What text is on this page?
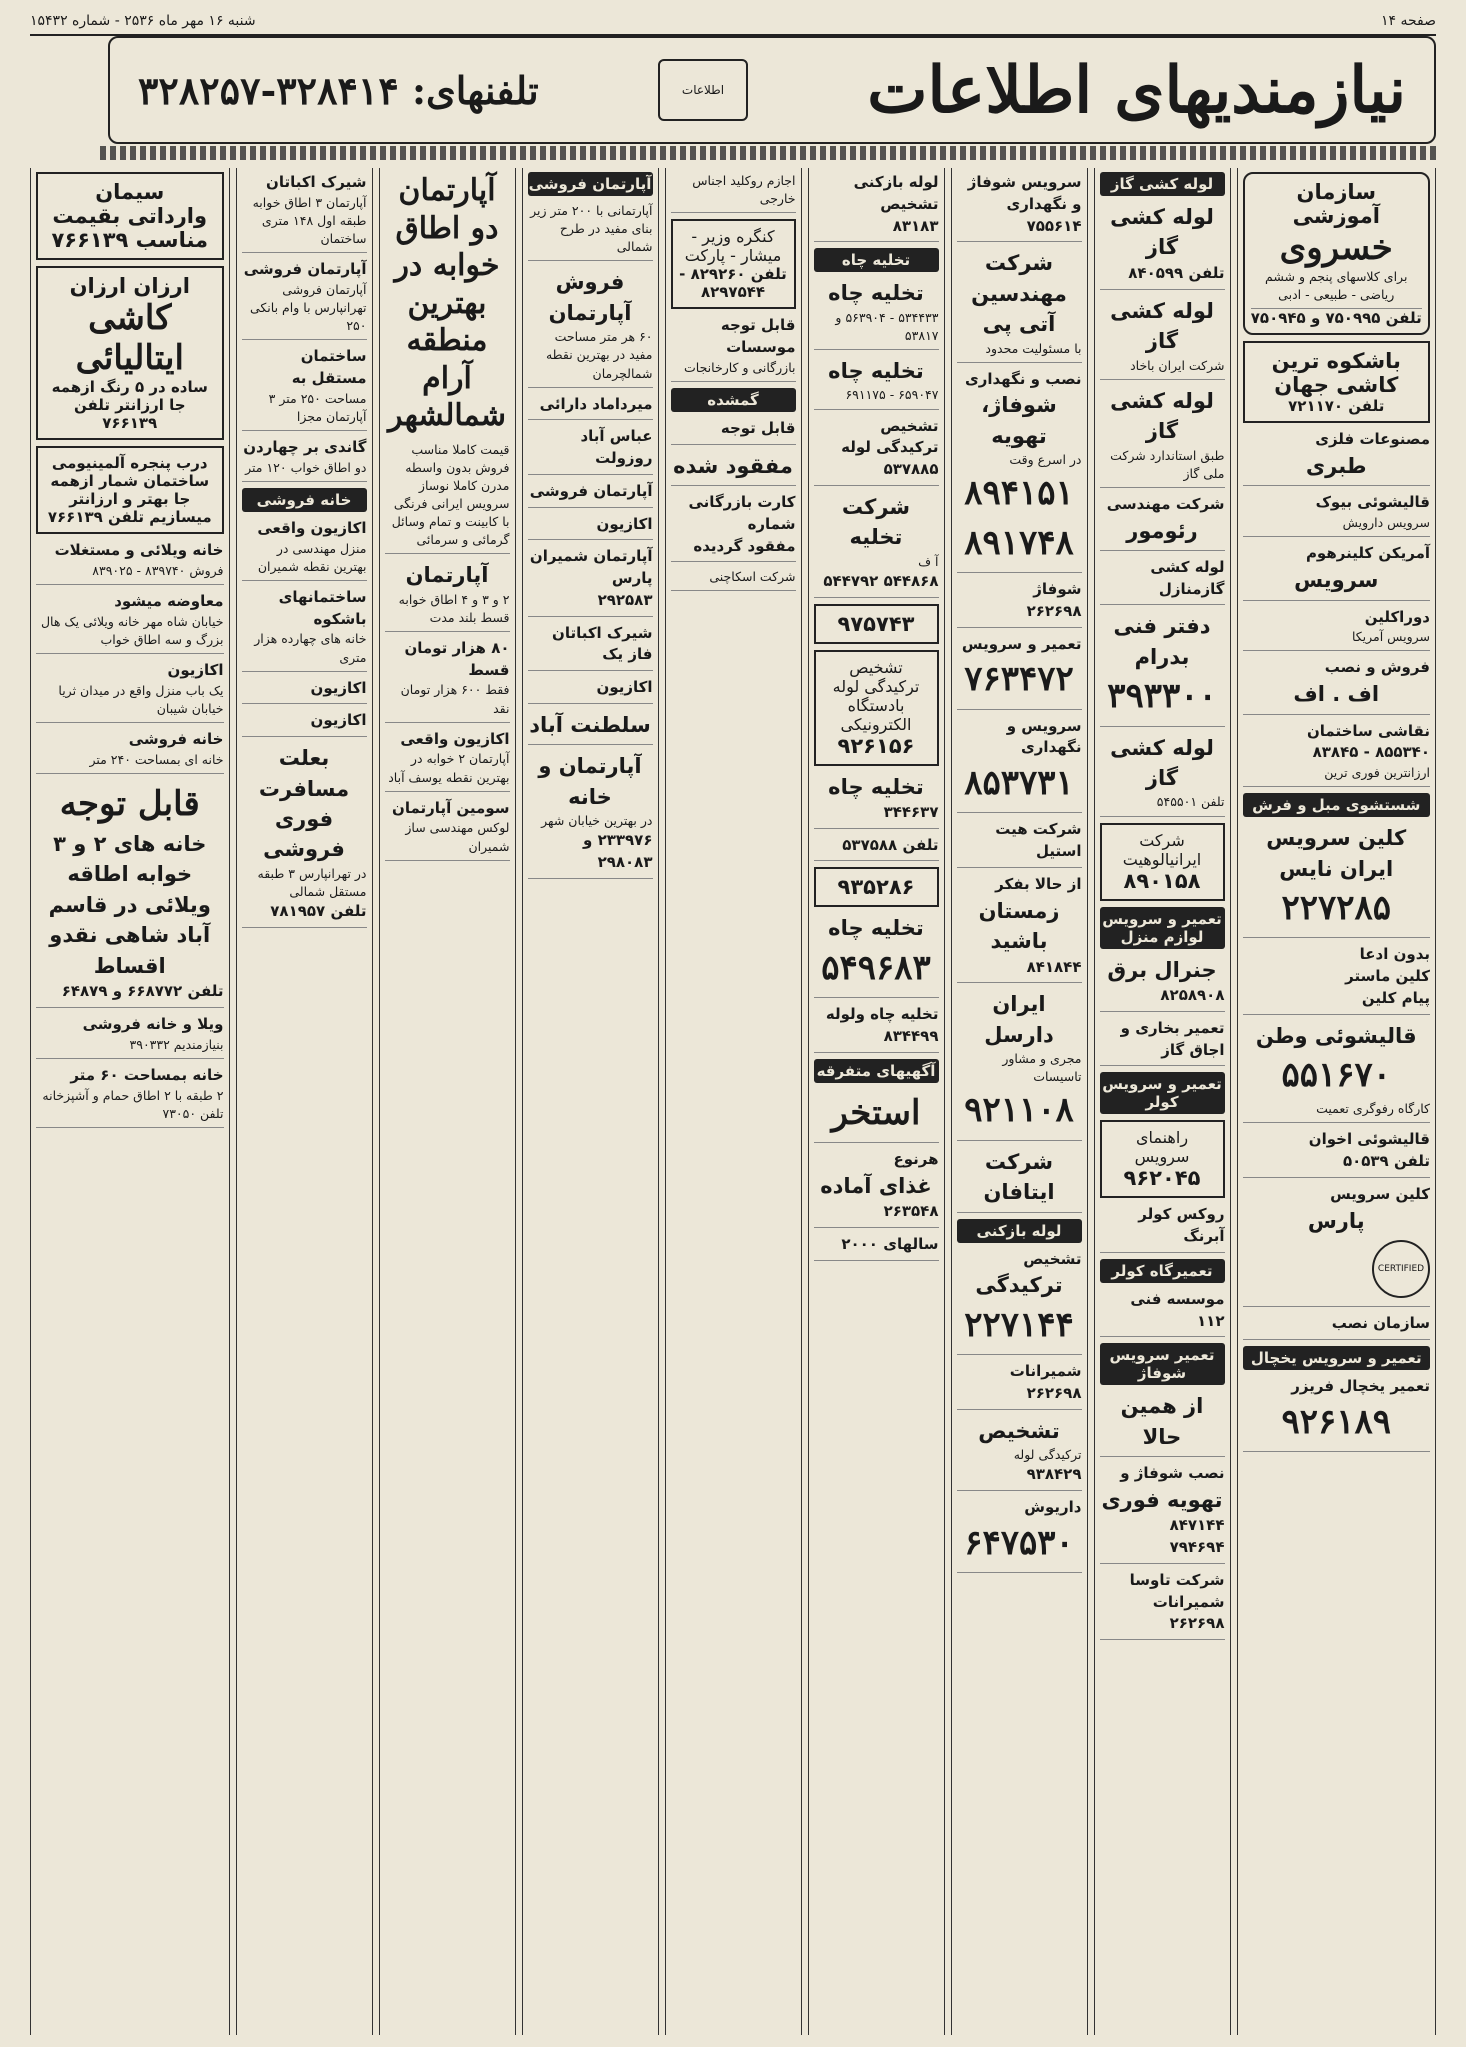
صفحه ۱۴
شنبه ۱۶ مهر ماه ۲۵۳۶ - شماره ۱۵۴۳۲
نیازمندیهای اطلاعات
اطلاعات
تلفنهای: ۳۲۸۴۱۴-۳۲۸۲۵۷
سازمان آموزشی
خسروی
برای کلاسهای پنجم و ششم ریاضی - طبیعی - ادبی
تلفن ۷۵۰۹۹۵ و ۷۵۰۹۴۵
باشکوه ترین کاشی جهان
تلفن ۷۲۱۱۷۰
مصنوعات فلزی
طبری
قالیشوئی بیوک
سرویس دارویش
آمریکن کلینرهوم
سرویس
دوراکلین
سرویس آمریکا
فروش و نصب
اف . اف
نقاشی ساختمان
۸۵۵۳۴۰ - ۸۳۸۴۵
ارزانترین فوری ترین
شستشوی مبل و فرش
کلین سرویس
ایران نایس
۲۲۷۲۸۵
بدون ادعا
کلین ماستر
پیام کلین
قالیشوئی وطن
۵۵۱۶۷۰
کارگاه رفوگری تعمیت
قالیشوئی اخوان
تلفن ۵۰۵۳۹
کلین سرویس
پارس
CERTIFIED
سازمان نصب
تعمیر و سرویس یخچال
تعمیر یخچال فریزر
۹۲۶۱۸۹
لوله کشی گاز
لوله کشی گاز
تلفن ۸۴۰۵۹۹
لوله کشی گاز
شرکت ایران باخاد
لوله کشی گاز
طبق استاندارد شرکت ملی گاز
شرکت مهندسی
رئومور
لوله کشی گازمنازل
دفتر فنی بدرام
۳۹۳۳۰۰
لوله کشی گاز
تلفن ۵۴۵۵۰۱
شرکت ایرانیالوهیت
۸۹۰۱۵۸
تعمیر و سرویس لوازم منزل
جنرال برق
۸۲۵۸۹۰۸
تعمیر بخاری و اجاق گاز
تعمیر و سرویس کولر
راهنمای سرویس
۹۶۲۰۴۵
روکس کولر آبرنگ
تعمیرگاه کولر
موسسه فنی ۱۱۲
تعمیر سرویس شوفاژ
از همین حالا
نصب شوفاژ و
تهویه فوری
۸۴۷۱۴۴
۷۹۴۶۹۴
شرکت تاوسا
شمیرانات
۲۶۲۶۹۸
سرویس شوفاژ و نگهداری
۷۵۵۶۱۴
شرکت مهندسین آتی پی
با مسئولیت محدود
نصب و نگهداری
شوفاژ، تهویه
در اسرع وقت
۸۹۴۱۵۱
۸۹۱۷۴۸
شوفاژ
۲۶۲۶۹۸
تعمیر و سرویس
۷۶۳۴۷۲
سرویس و نگهداری
۸۵۳۷۳۱
شرکت هیت استیل
از حالا بفکر
زمستان باشید
۸۴۱۸۴۴
ایران دارسل
مجری و مشاور تاسیسات
۹۲۱۱۰۸
شرکت ایتافان
لوله بازکنی
تشخیص
ترکیدگی
۲۲۷۱۴۴
شمیرانات
۲۶۲۶۹۸
تشخیص
ترکیدگی لوله
۹۳۸۴۲۹
داریوش
۶۴۷۵۳۰
لوله بازکنی تشخیص
۸۳۱۸۳
تخلیه چاه
تخلیه چاه
۵۳۴۴۳۳ - ۵۶۳۹۰۴ و ۵۳۸۱۷
تخلیه چاه
۶۵۹۰۴۷ - ۶۹۱۱۷۵
تشخیص ترکیدگی لوله
۵۳۷۸۸۵
شرکت تخلیه
آ ف
۵۴۴۸۶۸ ۵۴۴۷۹۲
۹۷۵۷۴۳
تشخیص ترکیدگی لوله بادستگاه الکترونیکی
۹۲۶۱۵۶
تخلیه چاه
۳۴۴۶۳۷
تلفن ۵۳۷۵۸۸
۹۳۵۲۸۶
تخلیه چاه
۵۴۹۶۸۳
تخلیه چاه ولوله
۸۳۴۴۹۹
آگهیهای متفرقه
استخر
هرنوع
غذای آماده
۲۶۳۵۴۸
سالهای ۲۰۰۰
اجازم روکلید اجناس خارجی
کنگره وزیر - میشار - پارکت
تلفن ۸۲۹۲۶۰ - ۸۲۹۷۵۴۴
قابل توجه موسسات
بازرگانی و کارخانجات
گمشده
قابل توجه
مفقود شده
کارت بازرگانی شماره
مفقود گردیده
شرکت اسکاچنی
آپارتمان فروشی
آپارتمانی با ۲۰۰ متر زیر بنای مفید در طرح شمالی
فروش آپارتمان
۶۰ هر متر مساحت مفید در بهترین نقطه شمالچرمان
میرداماد دارائی
عباس آباد روزولت
آپارتمان فروشی
اکازیون
آپارتمان شمیران پارس
۲۹۲۵۸۳
شیرک اکباتان فاز یک
اکازیون
سلطنت آباد
آپارتمان و خانه
در بهترین خیابان شهر
۲۳۳۹۷۶ و ۲۹۸۰۸۳
آپارتمان دو اطاق خوابه در بهترین منطقه آرام شمالشهر
قیمت کاملا مناسب فروش بدون واسطه مدرن کاملا نوساز
سرویس ایرانی فرنگی با کابینت و تمام وسائل گرمائی و سرمائی
آپارتمان
۲ و ۳ و ۴ اطاق خوابه قسط بلند مدت
۸۰ هزار تومان قسط
فقط ۶۰۰ هزار تومان نقد
اکازیون واقعی
آپارتمان ۲ خوابه در بهترین نقطه یوسف آباد
سومین آپارتمان
لوکس مهندسی ساز شمیران
شیرک اکباتان
آپارتمان ۳ اطاق خوابه طبقه اول ۱۴۸ متری ساختمان
آپارتمان فروشی
آپارتمان فروشی تهرانپارس با وام بانکی ۲۵۰
ساختمان مستقل به
مساحت ۲۵۰ متر ۳ آپارتمان مجزا
گاندی بر چهاردن
دو اطاق خواب ۱۲۰ متر
خانه فروشی
اکازیون واقعی
منزل مهندسی در بهترین نقطه شمیران
ساختمانهای باشکوه
خانه های چهارده هزار متری
اکازیون
اکازیون
بعلت مسافرت
فوری فروشی
در تهرانپارس ۳ طبقه مستقل شمالی
تلفن ۷۸۱۹۵۷
سیمان
وارداتی بقیمت مناسب ۷۶۶۱۳۹
ارزان ارزان
کاشی ایتالیائی
ساده در ۵ رنگ ازهمه جا ارزانتر تلفن ۷۶۶۱۳۹
درب پنجره آلمینیومی ساختمان شمار ازهمه جا بهتر و ارزانتر میسازیم تلفن ۷۶۶۱۳۹
خانه ویلائی و مستغلات
فروش ۸۳۹۷۴۰ - ۸۳۹۰۲۵
معاوضه میشود
خیابان شاه مهر خانه ویلائی یک هال بزرگ و سه اطاق خواب
اکازیون
یک باب منزل واقع در میدان ثریا خیابان شیبان
خانه فروشی
خانه ای بمساحت ۲۴۰ متر
قابل توجه
خانه های ۲ و ۳ خوابه اطاقه ویلائی در قاسم آباد شاهی نقدو اقساط
تلفن ۶۶۸۷۷۲ و ۶۴۸۷۹
ویلا و خانه فروشی
بنیازمندیم ۳۹۰۳۳۲
خانه بمساحت ۶۰ متر
۲ طبقه با ۲ اطاق حمام و آشپزخانه تلفن ۷۳۰۵۰
